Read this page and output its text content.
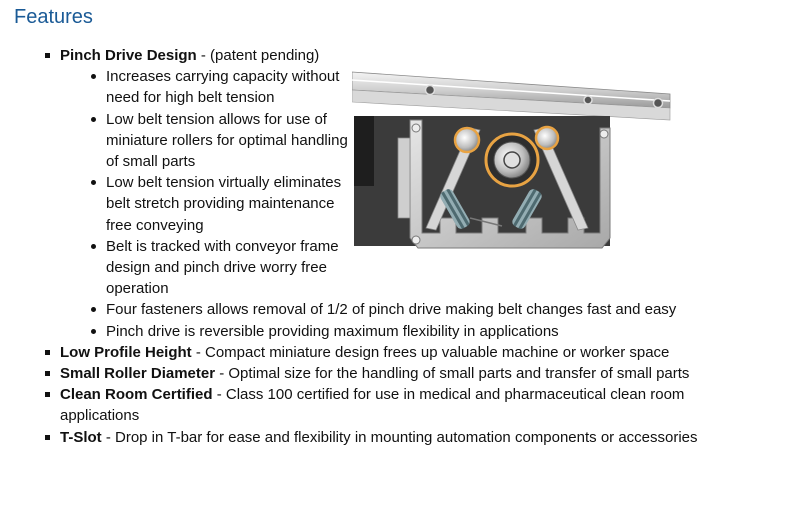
Features
Pinch Drive Design - (patent pending)
Increases carrying capacity without need for high belt tension
Low belt tension allows for use of miniature rollers for optimal handling of small parts
Low belt tension virtually eliminates belt stretch providing maintenance free conveying
Belt is tracked with conveyor frame design and pinch drive worry free operation
Four fasteners allows removal of 1/2 of pinch drive making belt changes fast and easy
Pinch drive is reversible providing maximum flexibility in applications
Low Profile Height - Compact miniature design frees up valuable machine or worker space
Small Roller Diameter - Optimal size for the handling of small parts and transfer of small parts
Clean Room Certified - Class 100 certified for use in medical and pharmaceutical clean room applications
T-Slot - Drop in T-bar for ease and flexibility in mounting automation components or accessories
